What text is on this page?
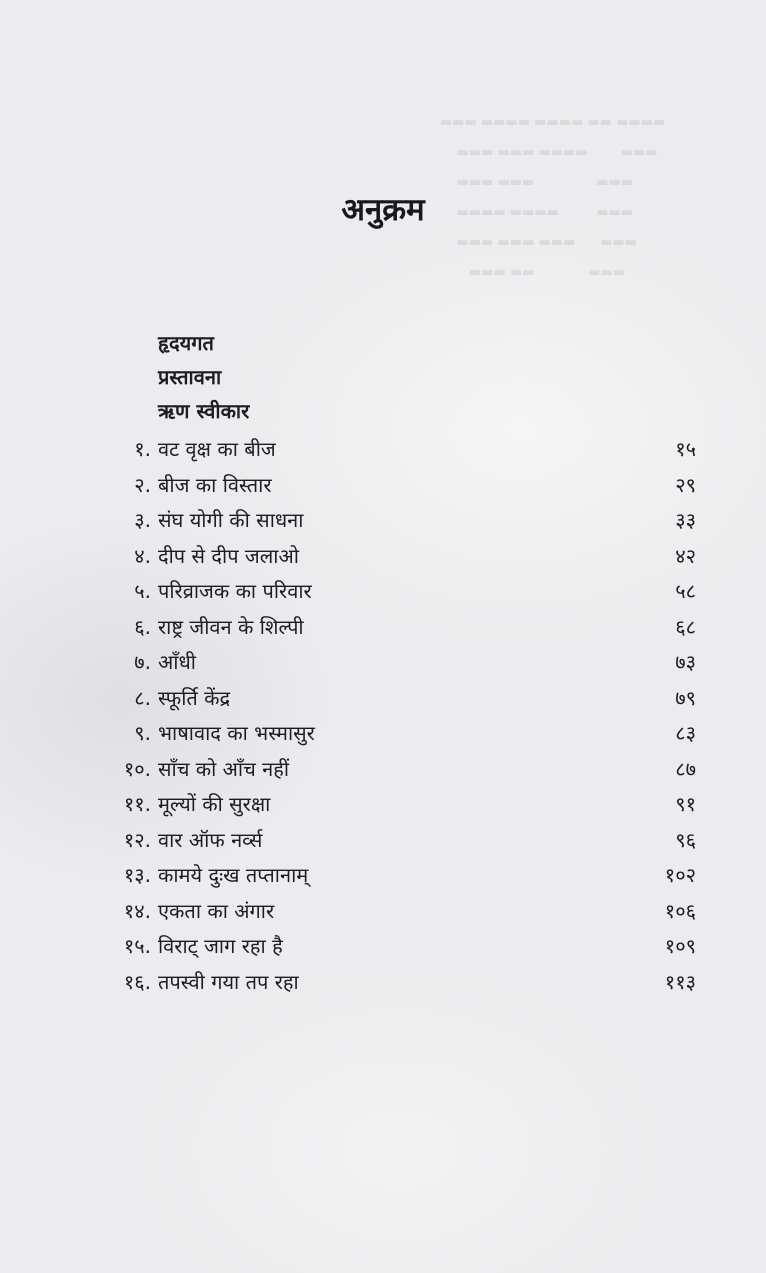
▬▬▬ ▬▬▬▬ ▬▬▬▬ ▬▬ ▬▬▬▬
▬▬▬ ▬▬▬ ▬▬▬▬        ▬▬▬
▬▬▬ ▬▬▬               ▬▬▬
▬▬▬▬ ▬▬▬▬         ▬▬▬
▬▬▬ ▬▬▬ ▬▬▬      ▬▬▬
▬▬▬ ▬▬             ▬▬▬
अनुक्रम
हृदयगत
प्रस्तावना
ऋण स्वीकार
१. वट वृक्ष का बीज	१५
२. बीज का विस्तार	२९
३. संघ योगी की साधना	३३
४. दीप से दीप जलाओ	४२
५. परिव्राजक का परिवार	५८
६. राष्ट्र जीवन के शिल्पी	६८
७. आँधी	७३
८. स्फूर्ति केंद्र	७९
९. भाषावाद का भस्मासुर	८३
१०. साँच को आँच नहीं	८७
११. मूल्यों की सुरक्षा	९१
१२. वार ऑफ नर्व्स	९६
१३. कामये दुःख तप्तानाम्	१०२
१४. एकता का अंगार	१०६
१५. विराट् जाग रहा है	१०९
१६. तपस्वी गया तप रहा	११३
